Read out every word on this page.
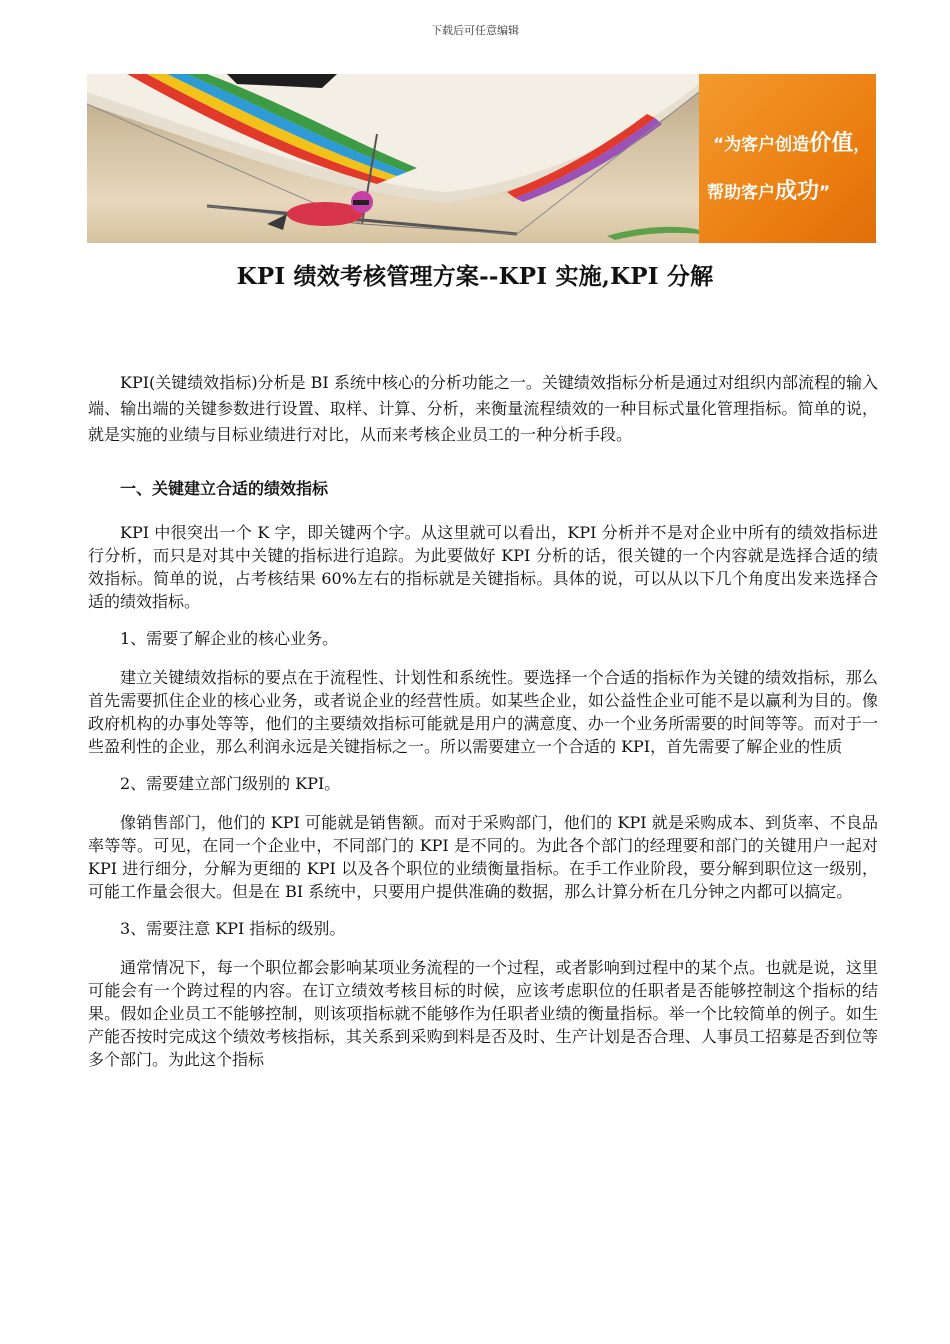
下载后可任意编辑
“为客户创造价值，
帮助客户成功”
KPI 绩效考核管理方案--KPI 实施,KPI 分解

KPI(关键绩效指标)分析是 BI 系统中核心的分析功能之一。关键绩效指标分析是通过对组织内部流程的输入端、输出端的关键参数进行设置、取样、计算、分析，来衡量流程绩效的一种目标式量化管理指标。简单的说，就是实施的业绩与目标业绩进行对比，从而来考核企业员工的一种分析手段。

一、关键建立合适的绩效指标

KPI 中很突出一个 K 字，即关键两个字。从这里就可以看出，KPI 分析并不是对企业中所有的绩效指标进行分析，而只是对其中关键的指标进行追踪。为此要做好 KPI 分析的话，很关键的一个内容就是选择合适的绩效指标。简单的说，占考核结果 60%左右的指标就是关键指标。具体的说，可以从以下几个角度出发来选择合适的绩效指标。

1、需要了解企业的核心业务。

建立关键绩效指标的要点在于流程性、计划性和系统性。要选择一个合适的指标作为关键的绩效指标，那么首先需要抓住企业的核心业务，或者说企业的经营性质。如某些企业，如公益性企业可能不是以赢利为目的。像政府机构的办事处等等，他们的主要绩效指标可能就是用户的满意度、办一个业务所需要的时间等等。而对于一些盈利性的企业，那么利润永远是关键指标之一。所以需要建立一个合适的 KPI，首先需要了解企业的性质

2、需要建立部门级别的 KPI。

像销售部门，他们的 KPI 可能就是销售额。而对于采购部门，他们的 KPI 就是采购成本、到货率、不良品率等等。可见，在同一个企业中，不同部门的 KPI 是不同的。为此各个部门的经理要和部门的关键用户一起对 KPI 进行细分，分解为更细的 KPI 以及各个职位的业绩衡量指标。在手工作业阶段，要分解到职位这一级别，可能工作量会很大。但是在 BI 系统中，只要用户提供准确的数据，那么计算分析在几分钟之内都可以搞定。

3、需要注意 KPI 指标的级别。

通常情况下，每一个职位都会影响某项业务流程的一个过程，或者影响到过程中的某个点。也就是说，这里可能会有一个跨过程的内容。在订立绩效考核目标的时候，应该考虑职位的任职者是否能够控制这个指标的结果。假如企业员工不能够控制，则该项指标就不能够作为任职者业绩的衡量指标。举一个比较简单的例子。如生产能否按时完成这个绩效考核指标，其关系到采购到料是否及时、生产计划是否合理、人事员工招募是否到位等多个部门。为此这个指标
